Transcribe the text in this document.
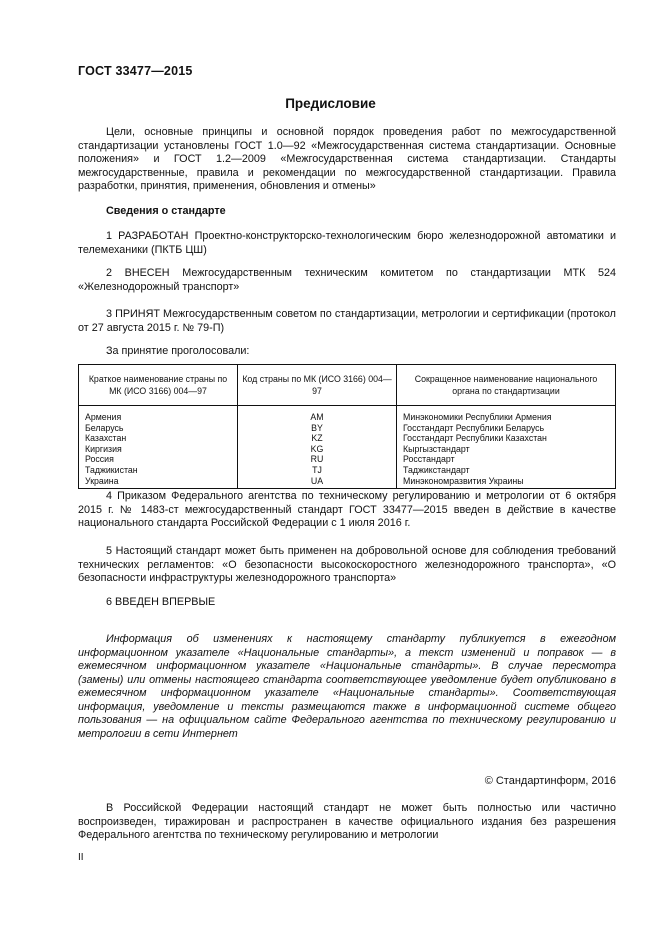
ГОСТ 33477—2015
Предисловие
Цели, основные принципы и основной порядок проведения работ по межгосударственной стандартизации установлены ГОСТ 1.0—92 «Межгосударственная система стандартизации. Основные положения» и ГОСТ 1.2—2009 «Межгосударственная система стандартизации. Стандарты межгосударственные, правила и рекомендации по межгосударственной стандартизации. Правила разработки, принятия, применения, обновления и отмены»
Сведения о стандарте
1 РАЗРАБОТАН Проектно-конструкторско-технологическим бюро железнодорожной автоматики и телемеханики (ПКТБ ЦШ)
2 ВНЕСЕН Межгосударственным техническим комитетом по стандартизации МТК 524 «Железнодорожный транспорт»
3 ПРИНЯТ Межгосударственным советом по стандартизации, метрологии и сертификации (протокол от 27 августа 2015 г. № 79-П)
За принятие проголосовали:
Краткое наименование страны по МК (ИСО 3166) 004—97	Код страны по МК (ИСО 3166) 004—97	Сокращенное наименование национального органа по стандартизации
Армения	AM	Минэкономики Республики Армения
Беларусь	BY	Госстандарт Республики Беларусь
Казахстан	KZ	Госстандарт Республики Казахстан
Киргизия	KG	Кыргызстандарт
Россия	RU	Росстандарт
Таджикистан	TJ	Таджикстандарт
Украина	UA	Минэкономразвития Украины
4 Приказом Федерального агентства по техническому регулированию и метрологии от 6 октября 2015 г. № 1483-ст межгосударственный стандарт ГОСТ 33477—2015 введен в действие в качестве национального стандарта Российской Федерации с 1 июля 2016 г.
5 Настоящий стандарт может быть применен на добровольной основе для соблюдения требований технических регламентов: «О безопасности высокоскоростного железнодорожного транспорта», «О безопасности инфраструктуры железнодорожного транспорта»
6 ВВЕДЕН ВПЕРВЫЕ
Информация об изменениях к настоящему стандарту публикуется в ежегодном информационном указателе «Национальные стандарты», а текст изменений и поправок — в ежемесячном информационном указателе «Национальные стандарты». В случае пересмотра (замены) или отмены настоящего стандарта соответствующее уведомление будет опубликовано в ежемесячном информационном указателе «Национальные стандарты». Соответствующая информация, уведомление и тексты размещаются также в информационной системе общего пользования — на официальном сайте Федерального агентства по техническому регулированию и метрологии в сети Интернет
© Стандартинформ, 2016
В Российской Федерации настоящий стандарт не может быть полностью или частично воспроизведен, тиражирован и распространен в качестве официального издания без разрешения Федерального агентства по техническому регулированию и метрологии
II
